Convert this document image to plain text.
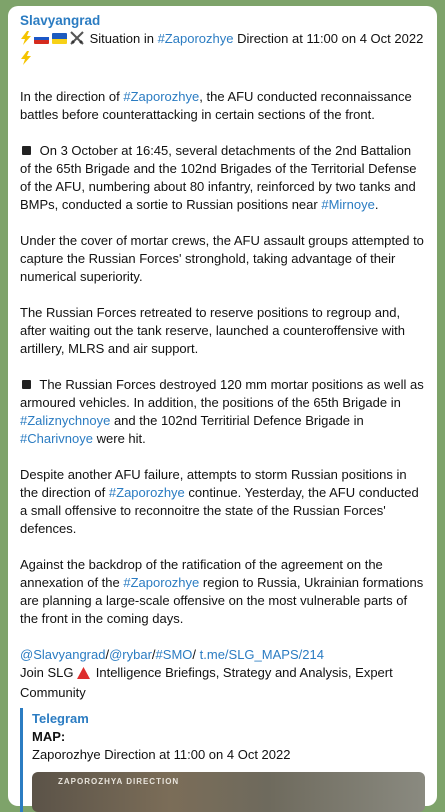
Slavyangrad

Situation in #Zaporozhye Direction at 11:00 on 4 Oct 2022

In the direction of #Zaporozhye, the AFU conducted reconnaissance battles before counterattacking in certain sections of the front.

On 3 October at 16:45, several detachments of the 2nd Battalion of the 65th Brigade and the 102nd Brigades of the Territorial Defense of the AFU, numbering about 80 infantry, reinforced by two tanks and BMPs, conducted a sortie to Russian positions near #Mirnoye.

Under the cover of mortar crews, the AFU assault groups attempted to capture the Russian Forces' stronghold, taking advantage of their numerical superiority.

The Russian Forces retreated to reserve positions to regroup and, after waiting out the tank reserve, launched a counteroffensive with artillery, MLRS and air support.

The Russian Forces destroyed 120 mm mortar positions as well as armoured vehicles. In addition, the positions of the 65th Brigade in #Zaliznychnoye and the 102nd Territirial Defence Brigade in #Charivnoye were hit.

Despite another AFU failure, attempts to storm Russian positions in the direction of #Zaporozhye continue. Yesterday, the AFU conducted a small offensive to reconnoitre the state of the Russian Forces' defences.

Against the backdrop of the ratification of the agreement on the annexation of the #Zaporozhye region to Russia, Ukrainian formations are planning a large-scale offensive on the most vulnerable parts of the front in the coming days.

@Slavyangrad/@rybar/#SMO/ t.me/SLG_MAPS/214
Join SLG Intelligence Briefings, Strategy and Analysis, Expert Community
Telegram
MAP:
Zaporozhye Direction at 11:00 on 4 Oct 2022
ZAPOROZHYA DIRECTION
